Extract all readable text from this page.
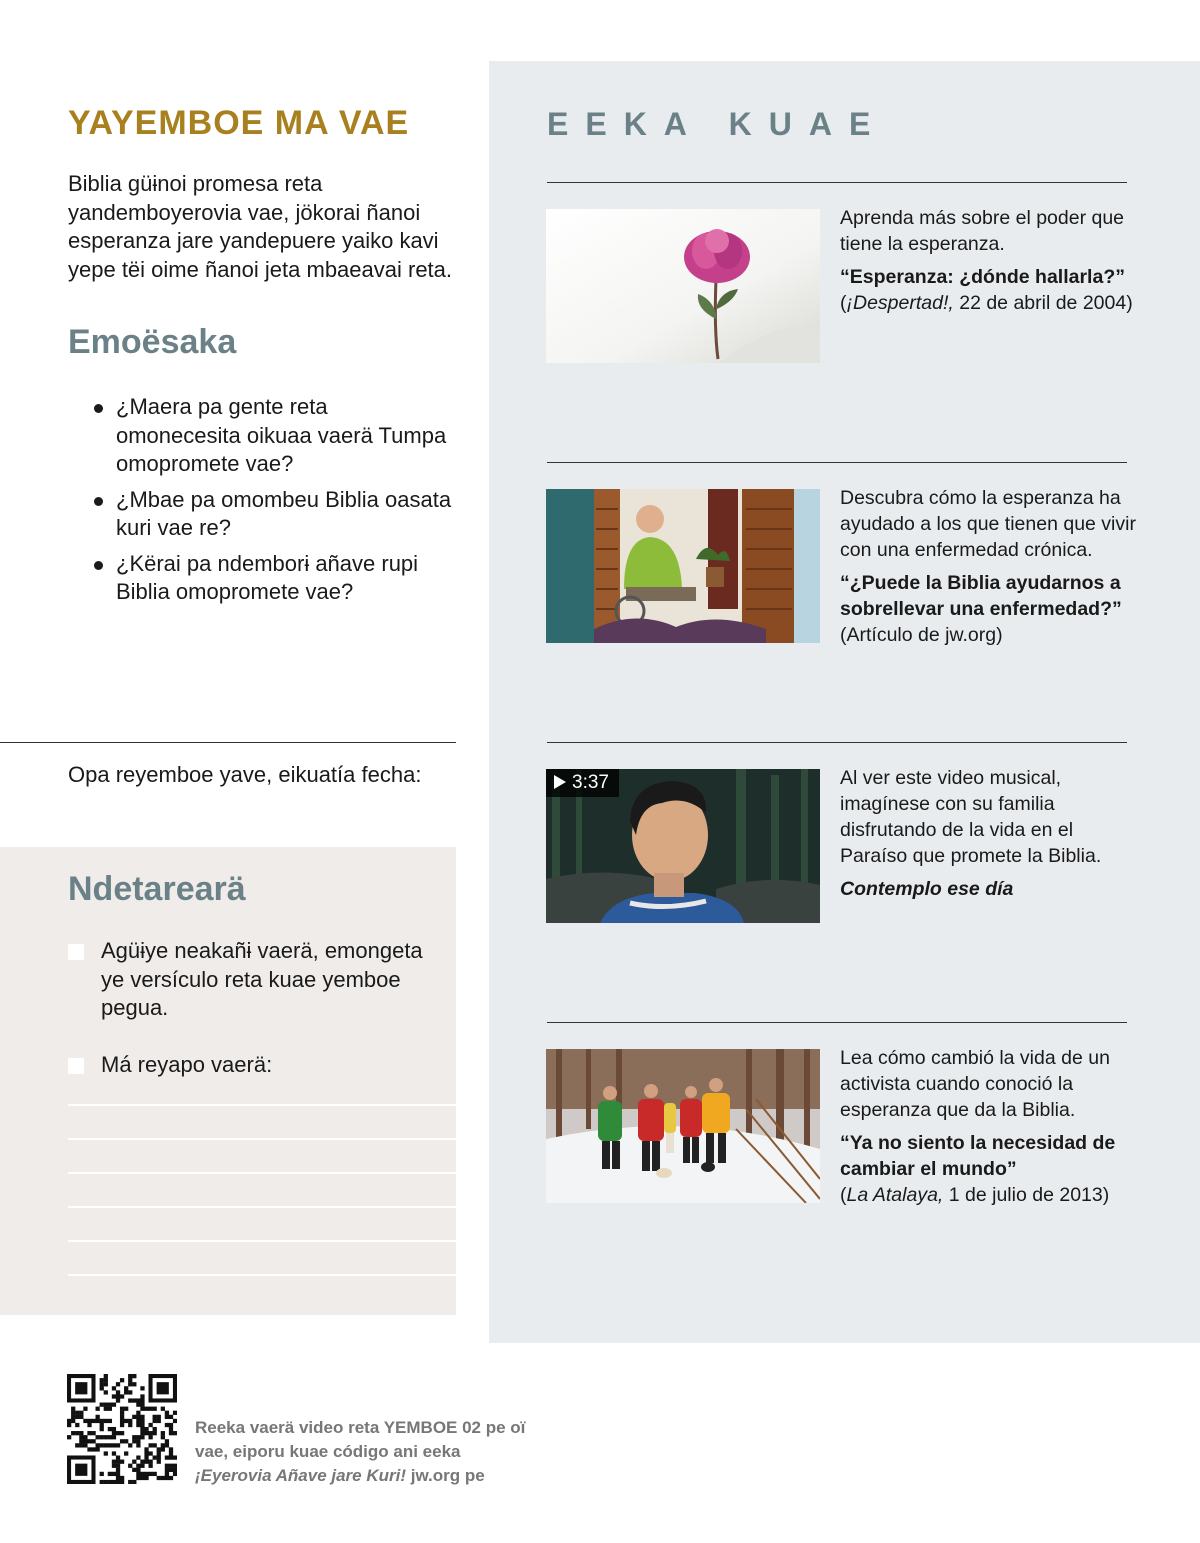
YAYEMBOE MA VAE
Biblia güɨnoi promesa reta yandemboyerovia vae, jökorai ñanoi esperanza jare yandepuere yaiko kavi yepe tëi oime ñanoi jeta mbaeavai reta.
Emoësaka
¿Maera pa gente reta omonecesita oikuaa vaerä Tumpa omopromete vae?
¿Mbae pa omombeu Biblia oasata kuri vae re?
¿Kërai pa ndemborɨ añave rupi Biblia omopromete vae?
Opa reyemboe yave, eikuatía fecha:
Ndetarearä
Agüɨye neakañɨ vaerä, emongeta ye versículo reta kuae yemboe pegua.
Má reyapo vaerä:
EEKA KUAE
Aprenda más sobre el poder que tiene la esperanza.
“Esperanza: ¿dónde hallarla?”
(¡Despertad!, 22 de abril de 2004)
Descubra cómo la esperanza ha ayudado a los que tienen que vivir con una enfermedad crónica.
“¿Puede la Biblia ayudarnos a sobrellevar una enfermedad?”
(Artículo de jw.org)
3:37	Al ver este video musical, imagínese con su familia disfrutando de la vida en el Paraíso que promete la Biblia.
Contemplo ese día
Lea cómo cambió la vida de un activista cuando conoció la esperanza que da la Biblia.
“Ya no siento la necesidad de cambiar el mundo”
(La Atalaya, 1 de julio de 2013)
Reeka vaerä video reta YEMBOE 02 pe oï vae, eiporu kuae código ani eeka
¡Eyerovia Añave jare Kuri! jw.org pe
